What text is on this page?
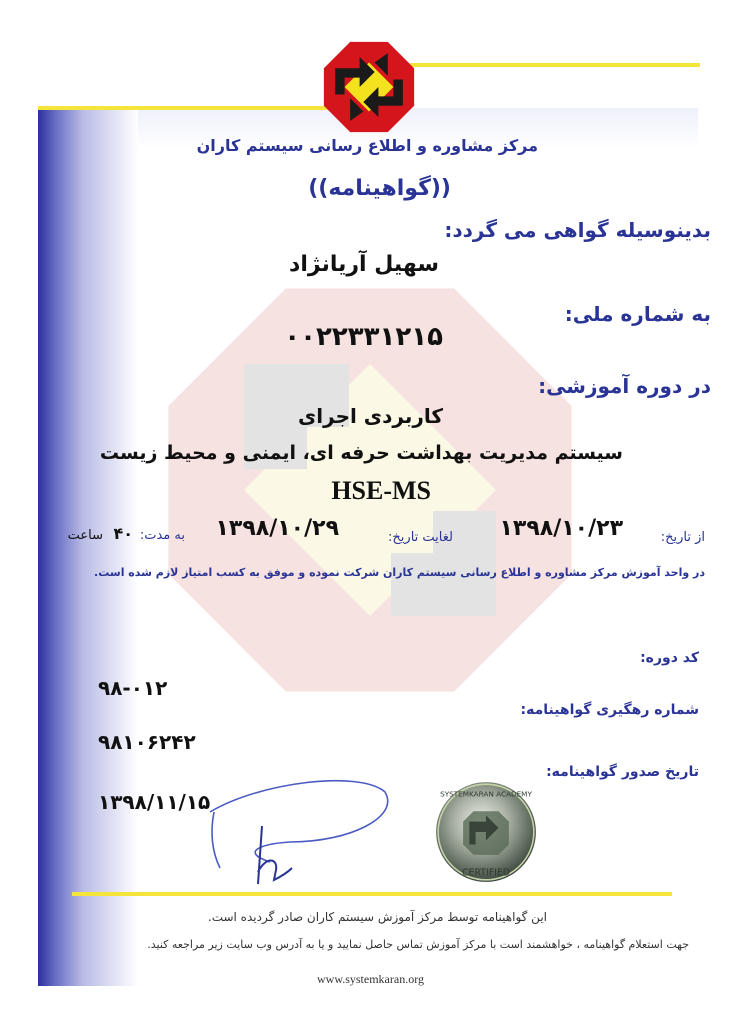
مرکز مشاوره و اطلاع رسانی سیستم کاران

((گواهینامه))

بدینوسیله گواهی می گردد:

سهیل آریانژاد

به شماره ملی:

۰۰۲۲۳۳۱۲۱۵

در دوره آموزشی:

کاربردی اجرای

سیستم مدیریت بهداشت حرفه ای، ایمنی و محیط زیست

HSE-MS

از تاریخ:

۱۳۹۸/۱۰/۲۳

لغایت تاریخ:

۱۳۹۸/۱۰/۲۹

به مدت:

۴۰

ساعت

در واحد آموزش مرکز مشاوره و اطلاع رسانی سیستم کاران شرکت نموده و موفق به کسب امتیاز لازم شده است.

کد دوره:

۹۸-۰۱۲

شماره رهگیری گواهینامه:

۹۸۱۰۶۲۴۲

تاریخ صدور گواهینامه:

۱۳۹۸/۱۱/۱۵	SYSTEMKARAN ACADEMY
CERTIFIED

این گواهینامه توسط مرکز آموزش سیستم کاران صادر گردیده است.

جهت استعلام گواهینامه ، خواهشمند است با مرکز آموزش تماس حاصل نمایید و یا به آدرس وب سایت زیر مراجعه کنید.

www.systemkaran.org
